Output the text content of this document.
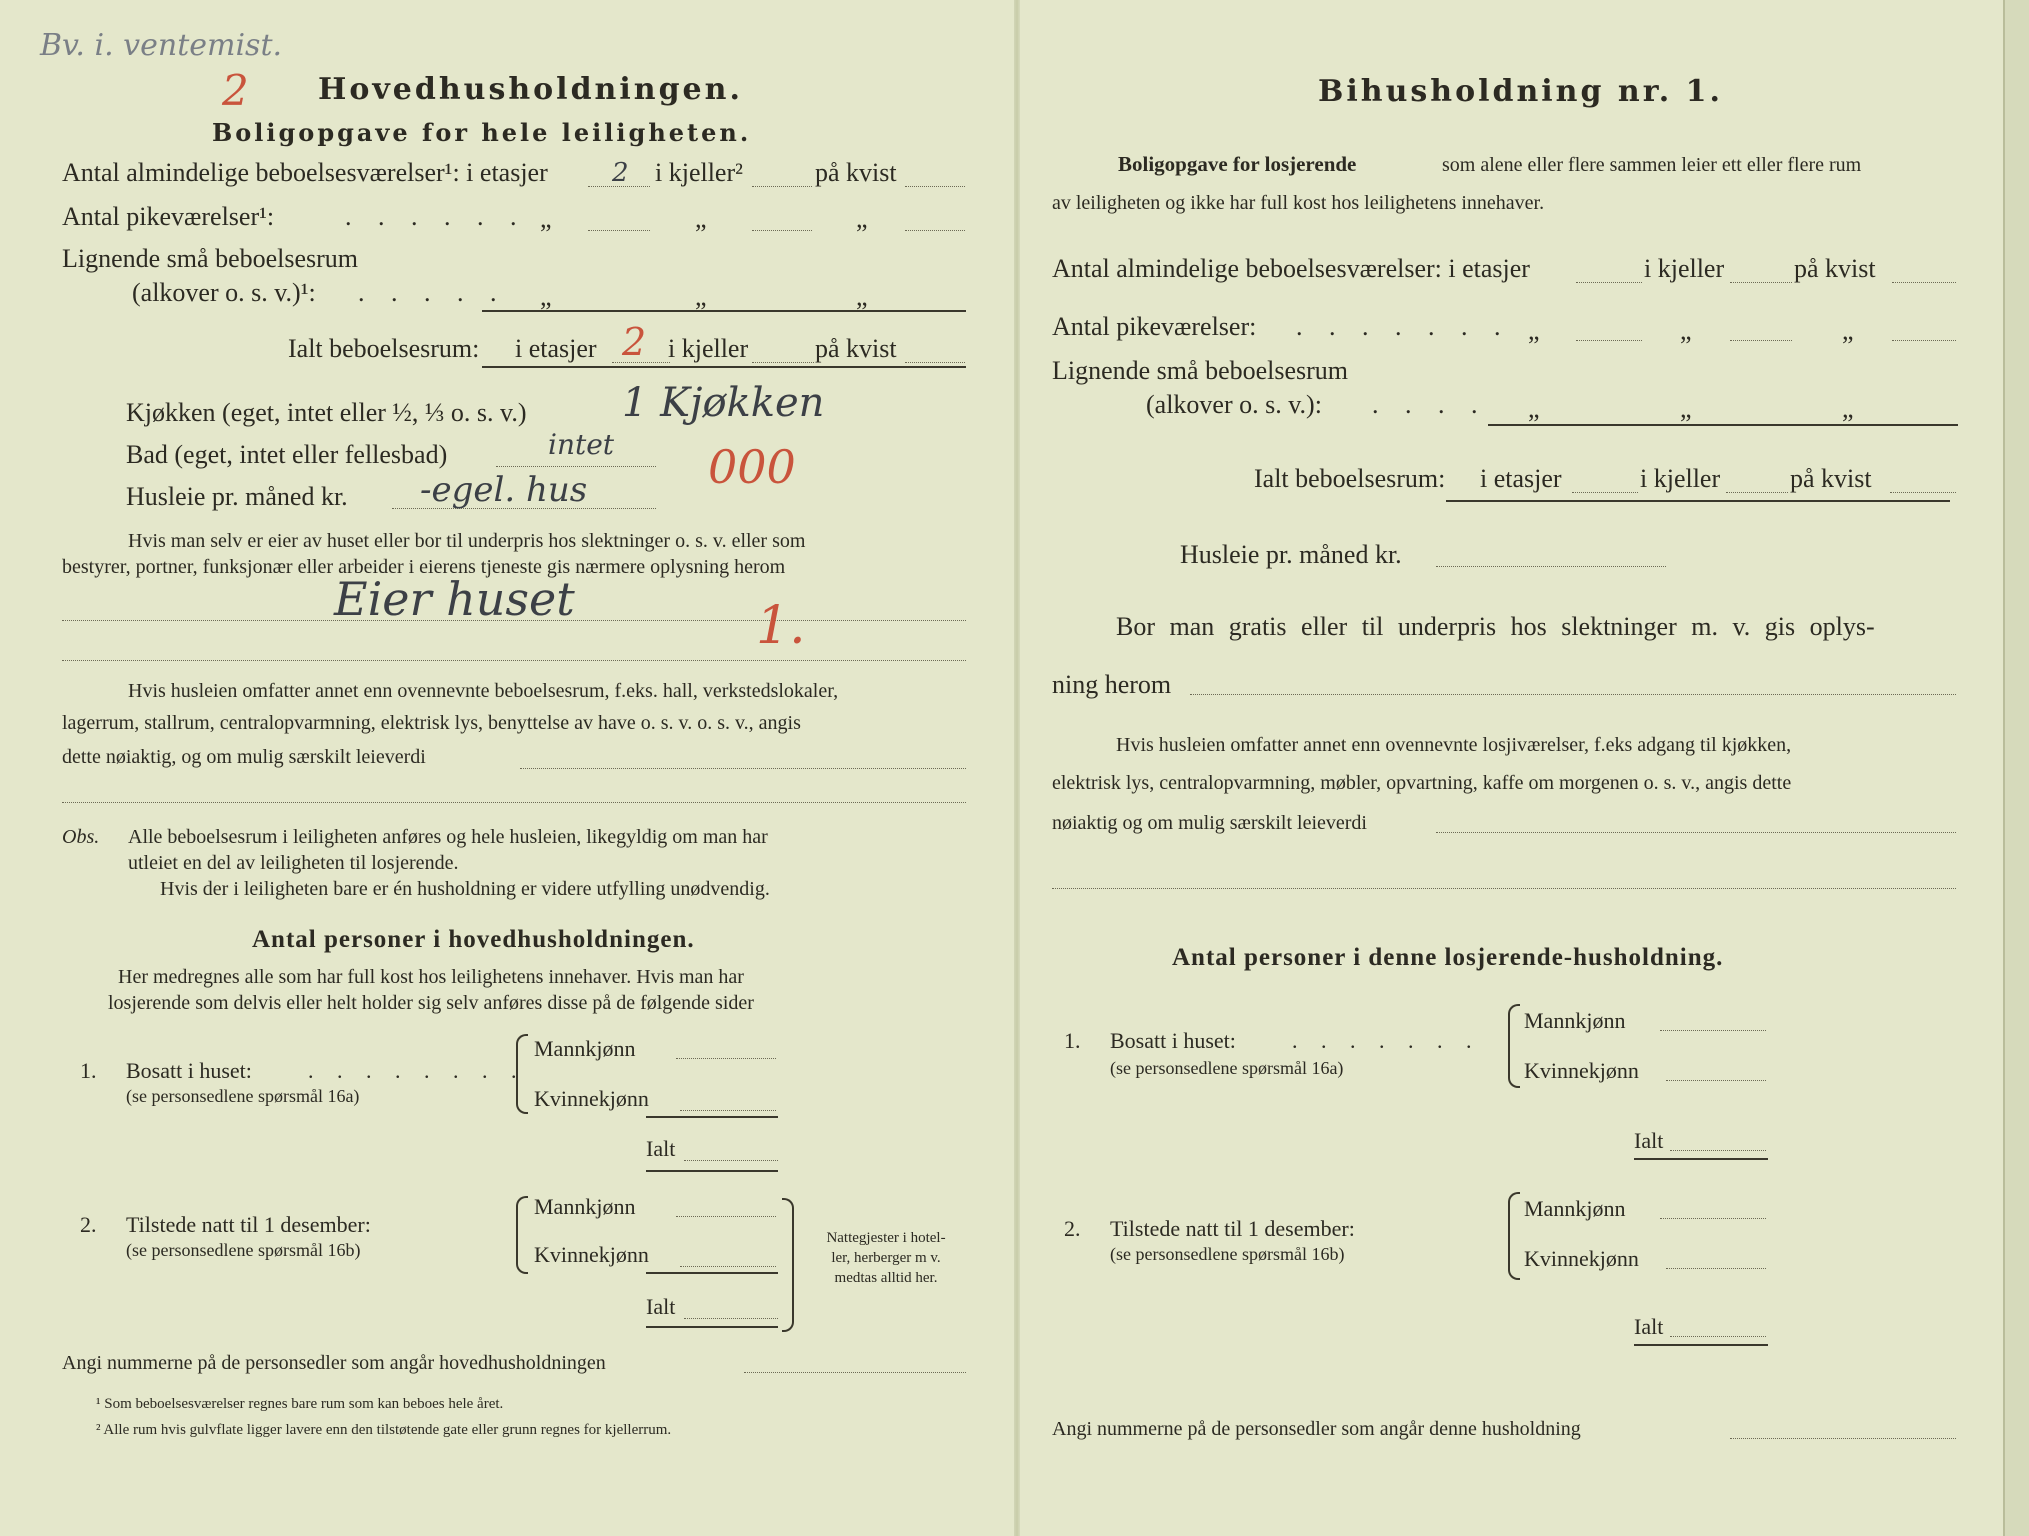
Bv. i. ventemist.
2 Hovedhusholdningen.
Boligopgave for hele leiligheten.
Antal almindelige beboelsesværelser¹: i etasjer 2 i kjeller²	på kvist
Antal pikeværelser¹:	. . . . . . „	„	„
Lignende små beboelsesrum
(alkover o. s. v.)¹: . . . . . „	„	„
Ialt beboelsesrum: i etasjer 2 i kjeller	på kvist
Kjøkken (eget, intet eller ½, ⅓ o. s. v.) 1 Kjøkken
Bad (eget, intet eller fellesbad)	intet
Husleie pr. måned kr. -egel. hus	000
Hvis man selv er eier av huset eller bor til underpris hos slektninger o. s. v. eller som
bestyrer, portner, funksjonær eller arbeider i eierens tjeneste gis nærmere oplysning herom
Eier huset	1.
Hvis husleien omfatter annet enn ovennevnte beboelsesrum, f.eks. hall, verkstedslokaler,
lagerrum, stallrum, centralopvarmning, elektrisk lys, benyttelse av have o. s. v. o. s. v., angis
dette nøiaktig, og om mulig særskilt leieverdi
Obs. Alle beboelsesrum i leiligheten anføres og hele husleien, likegyldig om man har
utleiet en del av leiligheten til losjerende.
Hvis der i leiligheten bare er én husholdning er videre utfylling unødvendig.
Antal personer i hovedhusholdningen.
Her medregnes alle som har full kost hos leilighetens innehaver. Hvis man har
losjerende som delvis eller helt holder sig selv anføres disse på de følgende sider
1. Bosatt i huset:	. . . . . . . .
(se personsedlene spørsmål 16a)
Mannkjønn
Kvinnekjønn
Ialt
2. Tilstede natt til 1 desember:
(se personsedlene spørsmål 16b)
Mannkjønn
Kvinnekjønn
Ialt
Nattegjester i hotel-
ler, herberger m v.
medtas alltid her.
Angi nummerne på de personsedler som angår hovedhusholdningen
¹ Som beboelsesværelser regnes bare rum som kan beboes hele året.
² Alle rum hvis gulvflate ligger lavere enn den tilstøtende gate eller grunn regnes for kjellerrum.
Bihusholdning nr. 1.
Boligopgave for losjerende	som alene eller flere sammen leier ett eller flere rum
av leiligheten og ikke har full kost hos leilighetens innehaver.
Antal almindelige beboelsesværelser: i etasjer	i kjeller	på kvist
Antal pikeværelser: . . . . . . . „	„	„
Lignende små beboelsesrum
(alkover o. s. v.): . . . . „	„	„
Ialt beboelsesrum: i etasjer	i kjeller	på kvist
Husleie pr. måned kr.
Bor man gratis eller til underpris hos slektninger m. v. gis oplys-
ning herom
Hvis husleien omfatter annet enn ovennevnte losjiværelser, f.eks adgang til kjøkken,
elektrisk lys, centralopvarmning, møbler, opvartning, kaffe om morgenen o. s. v., angis dette
nøiaktig og om mulig særskilt leieverdi
Antal personer i denne losjerende-husholdning.
1. Bosatt i huset:	. . . . . . .
(se personsedlene spørsmål 16a)
Mannkjønn
Kvinnekjønn
Ialt
2. Tilstede natt til 1 desember:
(se personsedlene spørsmål 16b)
Mannkjønn
Kvinnekjønn
Ialt
Angi nummerne på de personsedler som angår denne husholdning
